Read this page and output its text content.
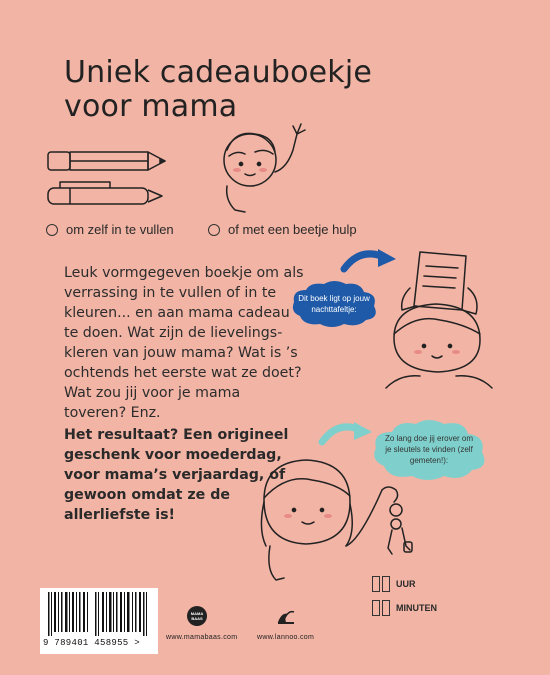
Uniek cadeauboekje
voor mama
om zelf in te vullen	of met een beetje hulp

Leuk vormgegeven boekje om als verrassing in te vullen of in te kleuren... en aan mama cadeau te doen. Wat zijn de lievelings-kleren van jouw mama? Wat is ’s ochtends het eerste wat ze doet? Wat zou jij voor je mama toveren? Enz.

Het resultaat? Een origineel geschenk voor moederdag, voor mama’s verjaardag, of gewoon omdat ze de allerliefste is!

Dit boek ligt op jouw nachttafeltje:
Zo lang doe jij erover om je sleutels te vinden (zelf gemeten!):
UUR
MINUTEN
9 789401 458955 >
MAMA BAAS
www.mamabaas.com	www.lannoo.com
